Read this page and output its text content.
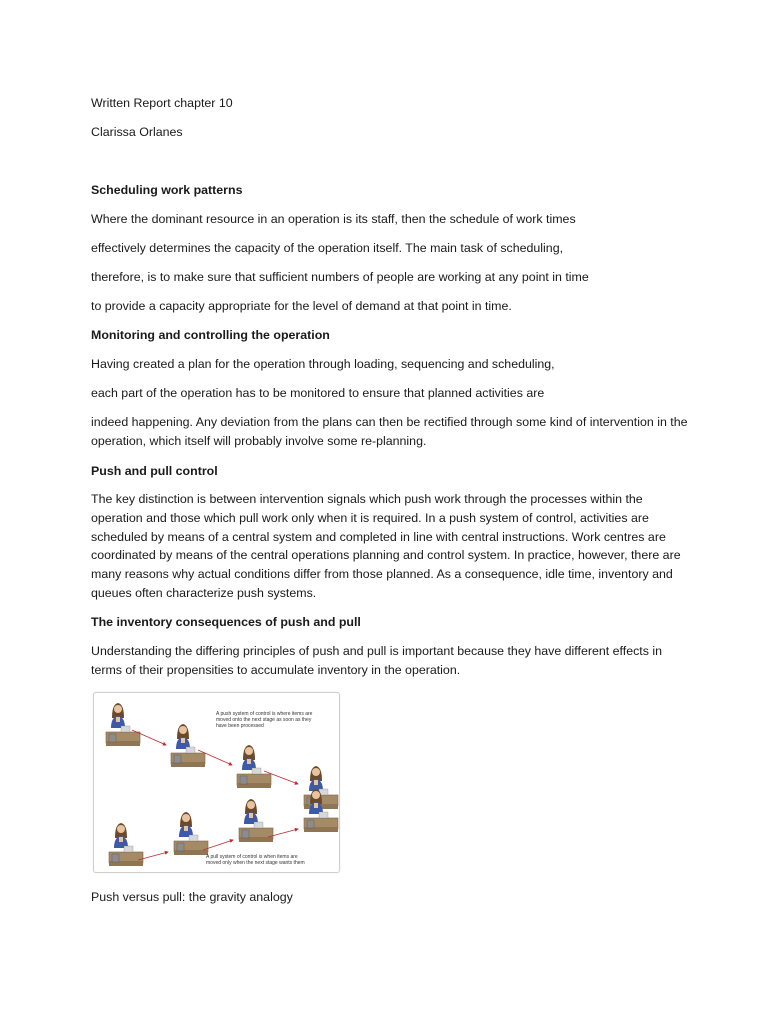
Written Report chapter 10
Clarissa Orlanes
Scheduling work patterns
Where the dominant resource in an operation is its staff, then the schedule of work times
effectively determines the capacity of the operation itself. The main task of scheduling,
therefore, is to make sure that sufficient numbers of people are working at any point in time
to provide a capacity appropriate for the level of demand at that point in time.
Monitoring and controlling the operation
Having created a plan for the operation through loading, sequencing and scheduling,
each part of the operation has to be monitored to ensure that planned activities are
indeed happening. Any deviation from the plans can then be rectified through some kind of intervention in the operation, which itself will probably involve some re-planning.
Push and pull control
The key distinction is between intervention signals which push work through the processes within the operation and those which pull work only when it is required. In a push system of control, activities are scheduled by means of a central system and completed in line with central instructions. Work centres are coordinated by means of the central operations planning and control system. In practice, however, there are many reasons why actual conditions differ from those planned. As a consequence, idle time, inventory and queues often characterize push systems.
The inventory consequences of push and pull
Understanding the differing principles of push and pull is important because they have different effects in terms of their propensities to accumulate inventory in the operation.
A push system of control is where items are
moved onto the next stage as soon as they
have been processed
A pull system of control is when items are
moved only when the next stage wants them
Push versus pull: the gravity analogy
